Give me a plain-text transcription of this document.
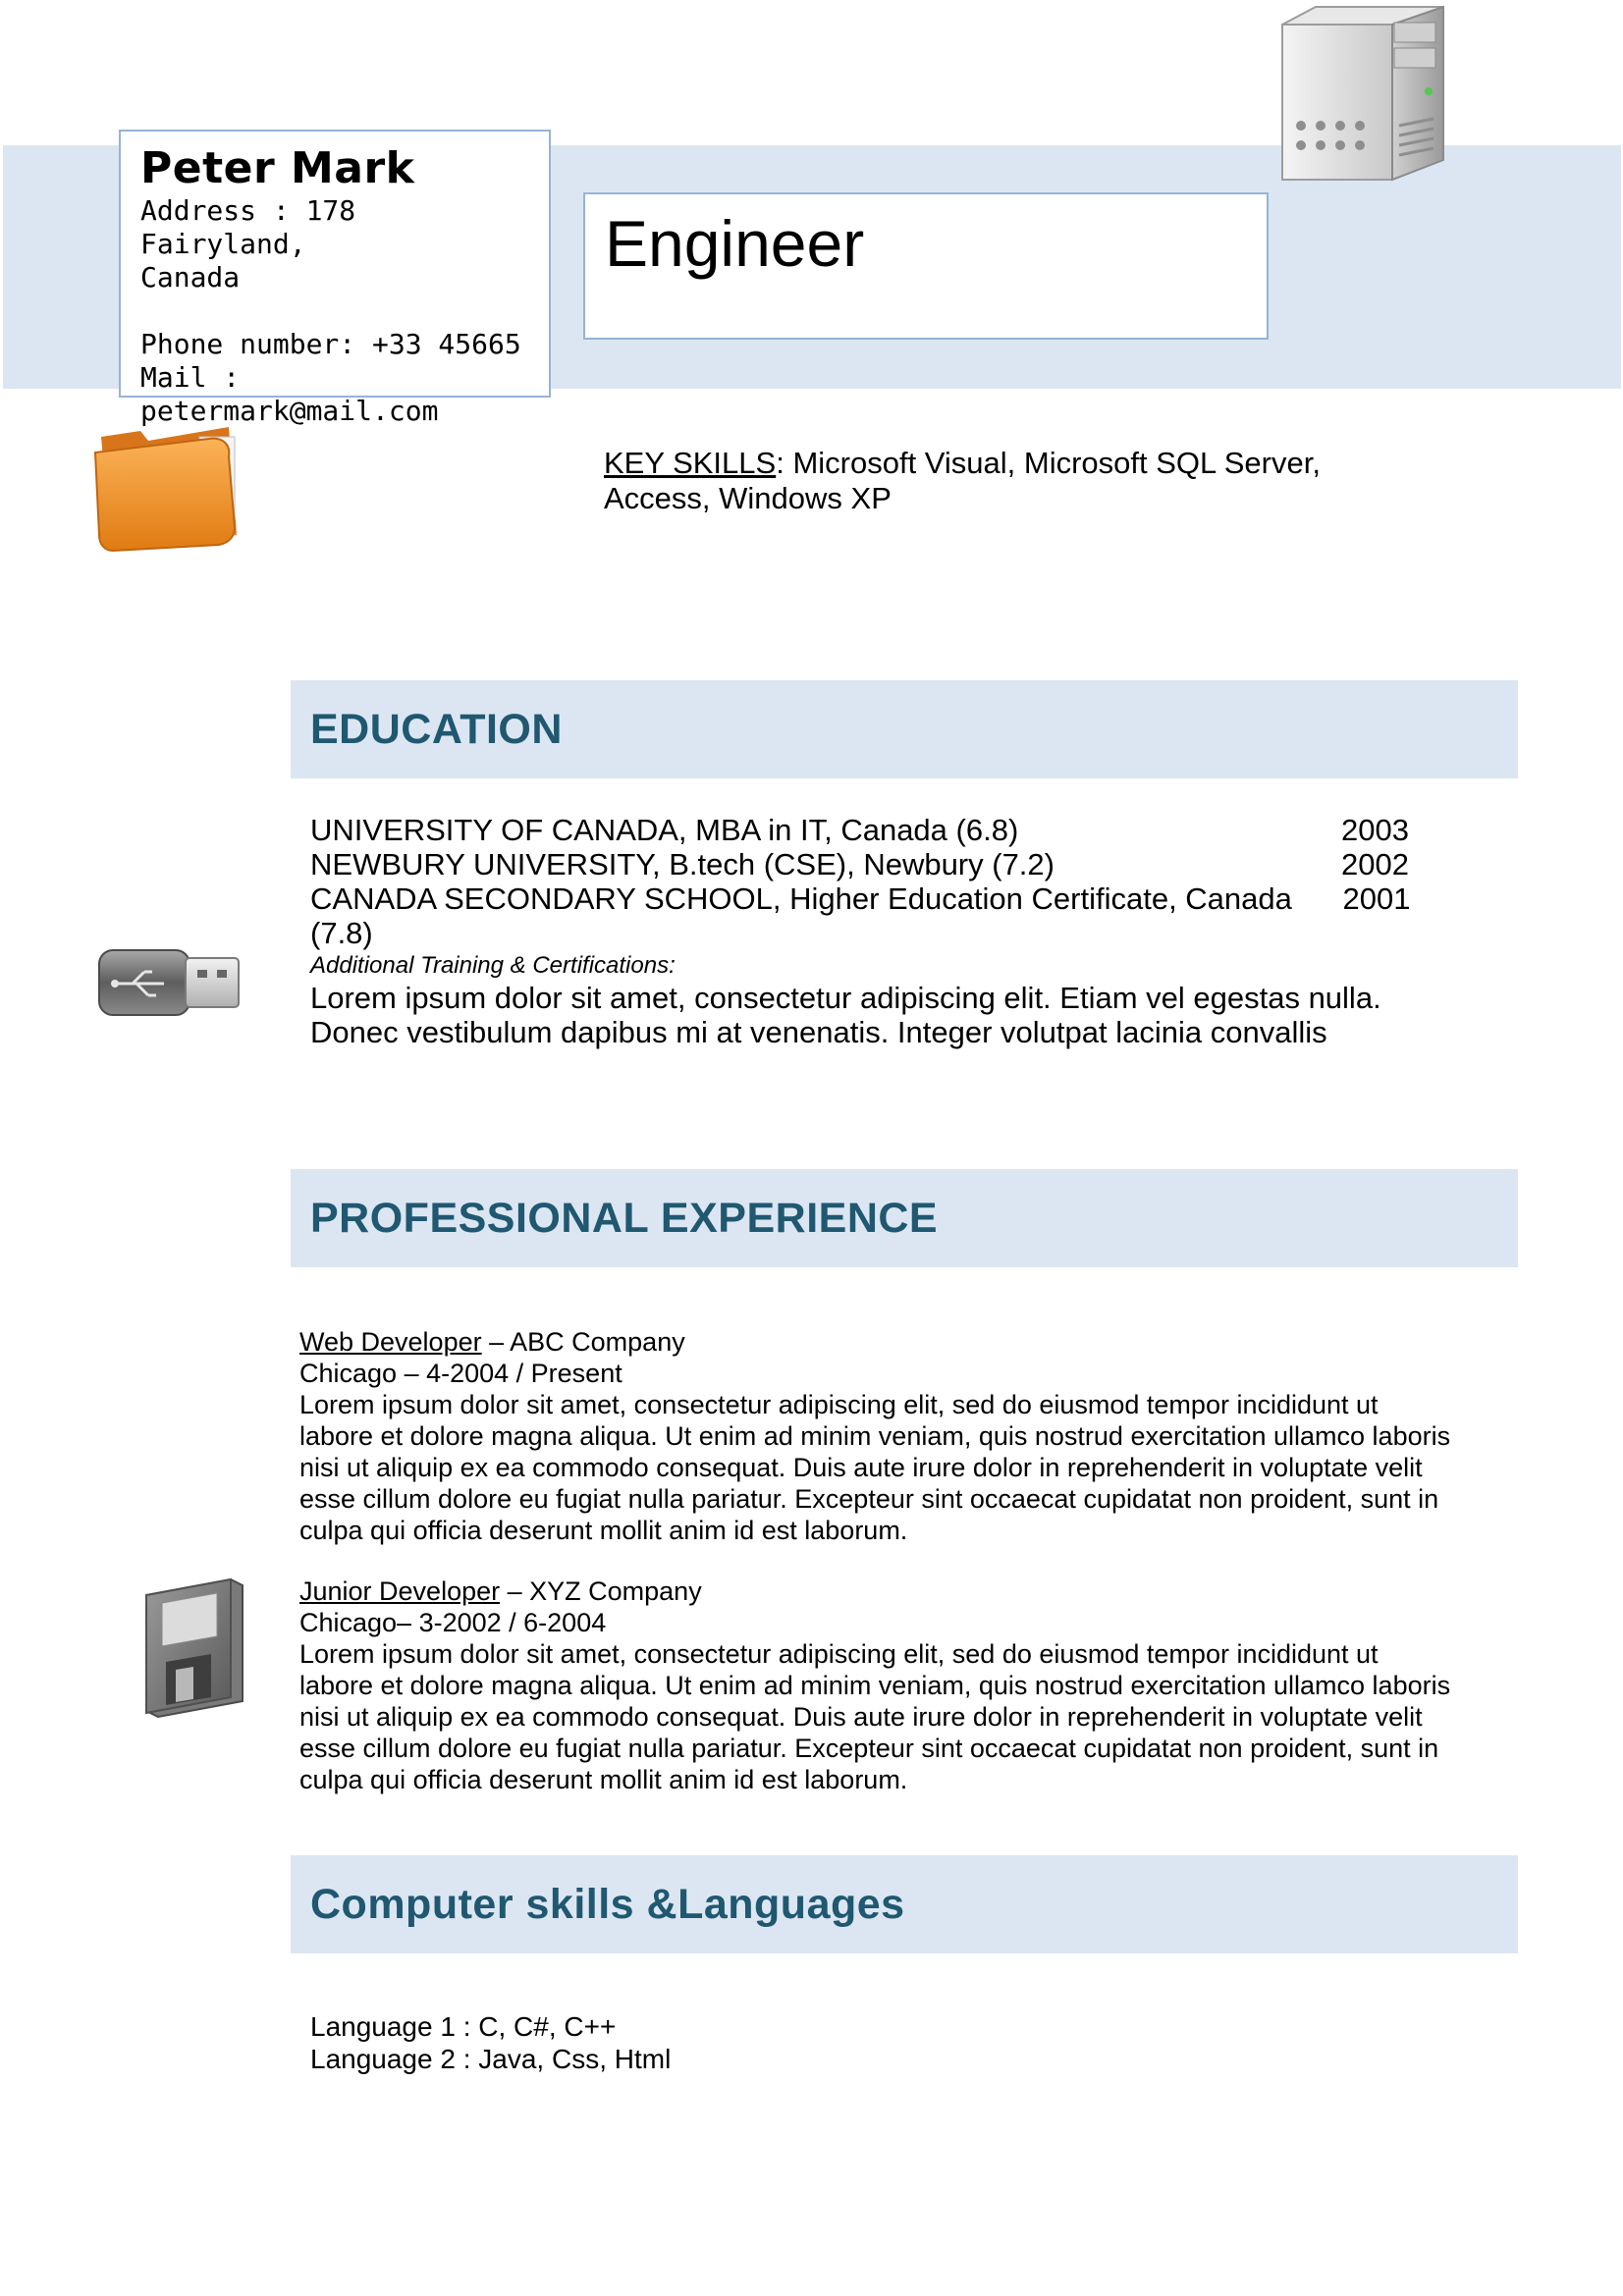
Peter Mark
Address : 178 Fairyland,
Canada
Phone number: +33 45665
Mail : petermark@mail.com
Engineer
KEY SKILLS: Microsoft Visual, Microsoft SQL Server,
Access, Windows XP
EDUCATION
UNIVERSITY OF CANADA, MBA in IT, Canada (6.8)	2003
NEWBURY UNIVERSITY, B.tech (CSE), Newbury (7.2)	2002
CANADA SECONDARY SCHOOL, Higher Education Certificate, Canada (7.8)
2001
Additional Training & Certifications:
Lorem ipsum dolor sit amet, consectetur adipiscing elit. Etiam vel egestas nulla.
Donec vestibulum dapibus mi at venenatis. Integer volutpat lacinia convallis
PROFESSIONAL EXPERIENCE
Web Developer – ABC Company
Chicago – 4-2004 / Present
Lorem ipsum dolor sit amet, consectetur adipiscing elit, sed do eiusmod tempor incididunt ut
labore et dolore magna aliqua. Ut enim ad minim veniam, quis nostrud exercitation ullamco laboris
nisi ut aliquip ex ea commodo consequat. Duis aute irure dolor in reprehenderit in voluptate velit
esse cillum dolore eu fugiat nulla pariatur. Excepteur sint occaecat cupidatat non proident, sunt in
culpa qui officia deserunt mollit anim id est laborum.
Junior Developer – XYZ Company
Chicago– 3-2002 / 6-2004
Lorem ipsum dolor sit amet, consectetur adipiscing elit, sed do eiusmod tempor incididunt ut
labore et dolore magna aliqua. Ut enim ad minim veniam, quis nostrud exercitation ullamco laboris
nisi ut aliquip ex ea commodo consequat. Duis aute irure dolor in reprehenderit in voluptate velit
esse cillum dolore eu fugiat nulla pariatur. Excepteur sint occaecat cupidatat non proident, sunt in
culpa qui officia deserunt mollit anim id est laborum.
Computer skills &Languages
Language 1 : C, C#, C++
Language 2 : Java, Css, Html
